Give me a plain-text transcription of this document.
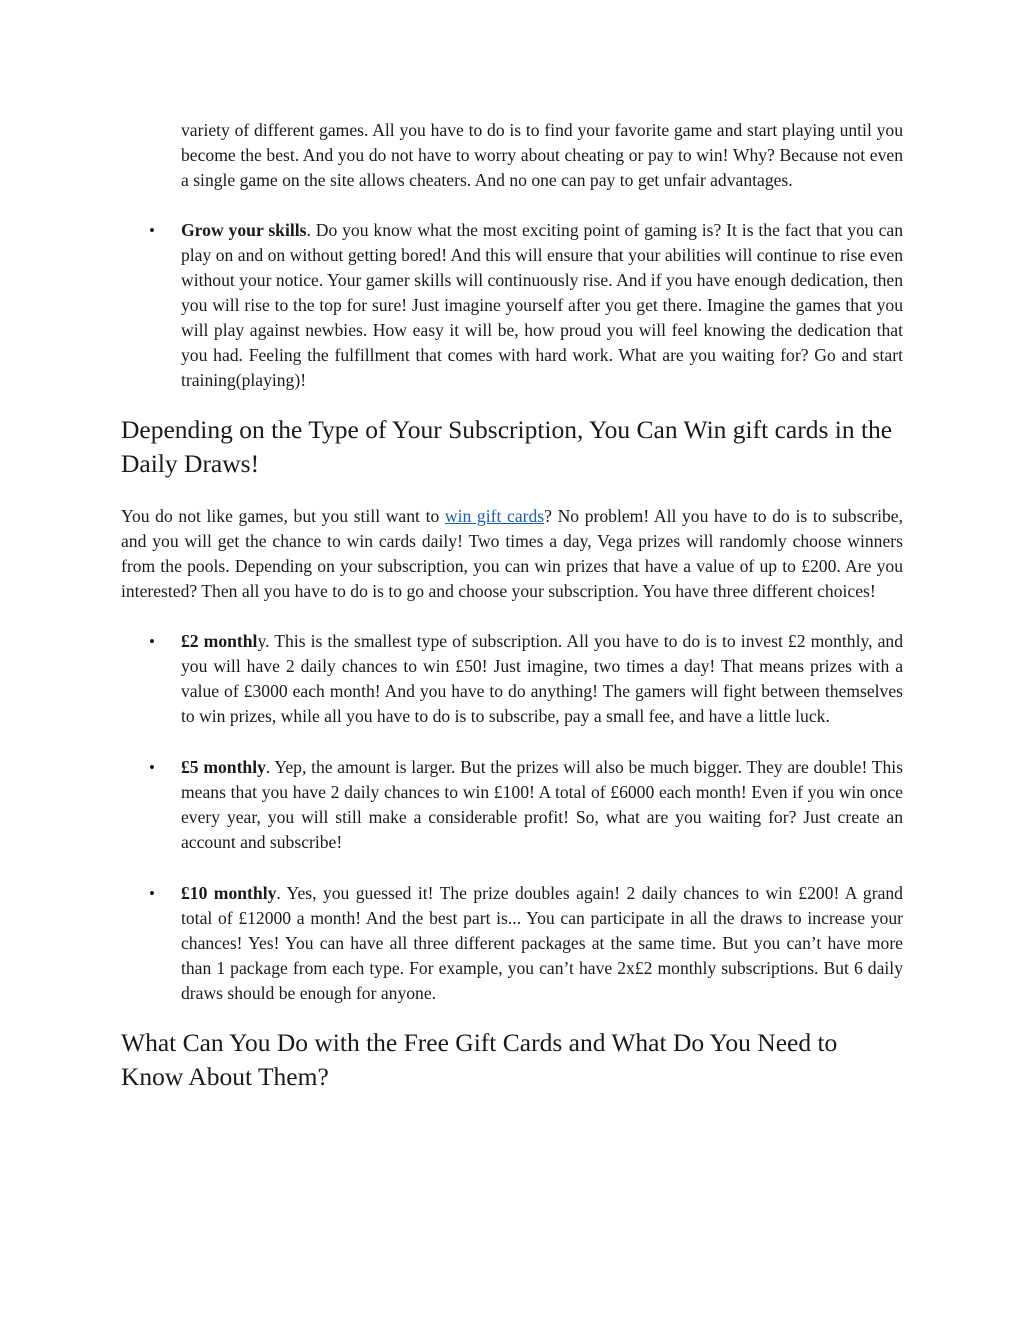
variety of different games. All you have to do is to find your favorite game and start playing until you become the best. And you do not have to worry about cheating or pay to win! Why? Because not even a single game on the site allows cheaters. And no one can pay to get unfair advantages.

• Grow your skills. Do you know what the most exciting point of gaming is? It is the fact that you can play on and on without getting bored! And this will ensure that your abilities will continue to rise even without your notice. Your gamer skills will continuously rise. And if you have enough dedication, then you will rise to the top for sure! Just imagine yourself after you get there. Imagine the games that you will play against newbies. How easy it will be, how proud you will feel knowing the dedication that you had. Feeling the fulfillment that comes with hard work. What are you waiting for? Go and start training(playing)!
Depending on the Type of Your Subscription, You Can Win gift cards in the Daily Draws!

You do not like games, but you still want to win gift cards? No problem! All you have to do is to subscribe, and you will get the chance to win cards daily! Two times a day, Vega prizes will randomly choose winners from the pools. Depending on your subscription, you can win prizes that have a value of up to £200. Are you interested? Then all you have to do is to go and choose your subscription. You have three different choices!

• £2 monthly. This is the smallest type of subscription. All you have to do is to invest £2 monthly, and you will have 2 daily chances to win £50! Just imagine, two times a day! That means prizes with a value of £3000 each month! And you have to do anything! The gamers will fight between themselves to win prizes, while all you have to do is to subscribe, pay a small fee, and have a little luck.
• £5 monthly. Yep, the amount is larger. But the prizes will also be much bigger. They are double! This means that you have 2 daily chances to win £100! A total of £6000 each month! Even if you win once every year, you will still make a considerable profit! So, what are you waiting for? Just create an account and subscribe!
• £10 monthly. Yes, you guessed it! The prize doubles again! 2 daily chances to win £200! A grand total of £12000 a month! And the best part is... You can participate in all the draws to increase your chances! Yes! You can have all three different packages at the same time. But you can’t have more than 1 package from each type. For example, you can’t have 2x£2 monthly subscriptions. But 6 daily draws should be enough for anyone.
What Can You Do with the Free Gift Cards and What Do You Need to Know About Them?
